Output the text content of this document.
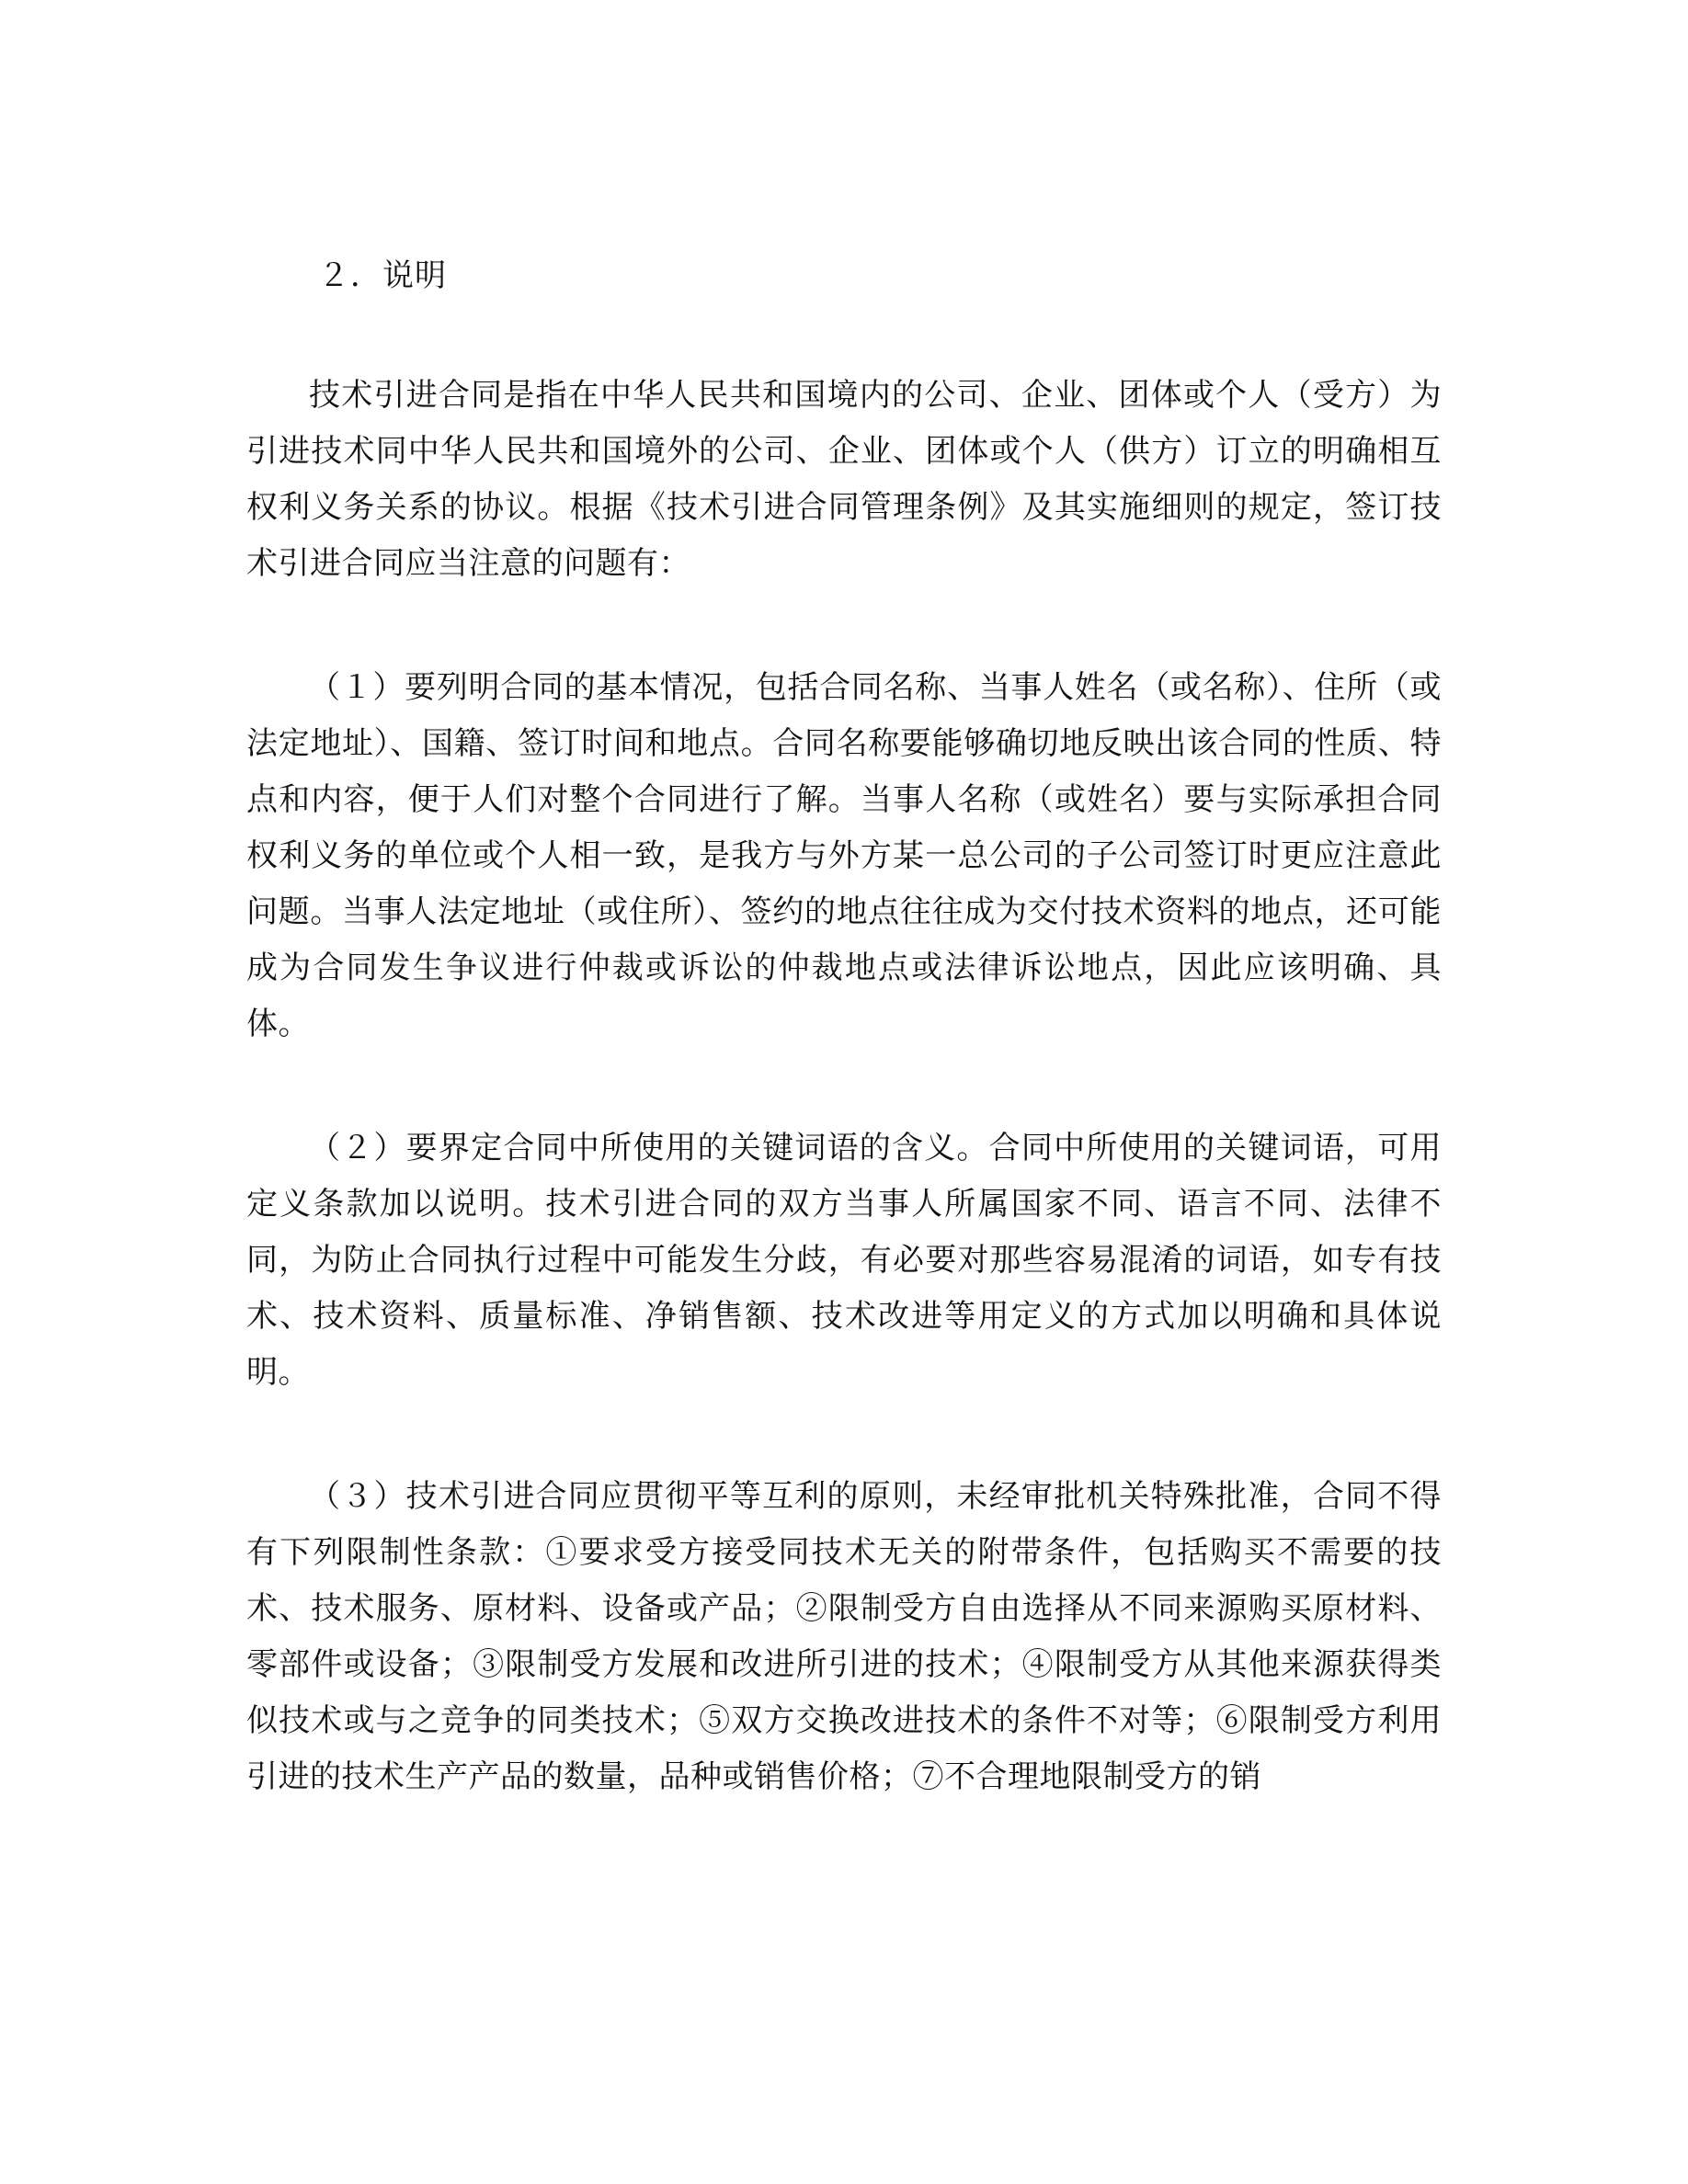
２．说明

技术引进合同是指在中华人民共和国境内的公司、企业、团体或个人（受方）为引进技术同中华人民共和国境外的公司、企业、团体或个人（供方）订立的明确相互权利义务关系的协议。根据《技术引进合同管理条例》及其实施细则的规定，签订技术引进合同应当注意的问题有：

（１）要列明合同的基本情况，包括合同名称、当事人姓名（或名称）、住所（或法定地址）、国籍、签订时间和地点。合同名称要能够确切地反映出该合同的性质、特点和内容，便于人们对整个合同进行了解。当事人名称（或姓名）要与实际承担合同权利义务的单位或个人相一致，是我方与外方某一总公司的子公司签订时更应注意此问题。当事人法定地址（或住所）、签约的地点往往成为交付技术资料的地点，还可能成为合同发生争议进行仲裁或诉讼的仲裁地点或法律诉讼地点，因此应该明确、具体。

（２）要界定合同中所使用的关键词语的含义。合同中所使用的关键词语，可用定义条款加以说明。技术引进合同的双方当事人所属国家不同、语言不同、法律不同，为防止合同执行过程中可能发生分歧，有必要对那些容易混淆的词语，如专有技术、技术资料、质量标准、净销售额、技术改进等用定义的方式加以明确和具体说明。

（３）技术引进合同应贯彻平等互利的原则，未经审批机关特殊批准，合同不得有下列限制性条款：①要求受方接受同技术无关的附带条件，包括购买不需要的技术、技术服务、原材料、设备或产品；②限制受方自由选择从不同来源购买原材料、零部件或设备；③限制受方发展和改进所引进的技术；④限制受方从其他来源获得类似技术或与之竞争的同类技术；⑤双方交换改进技术的条件不对等；⑥限制受方利用引进的技术生产产品的数量，品种或销售价格；⑦不合理地限制受方的销
